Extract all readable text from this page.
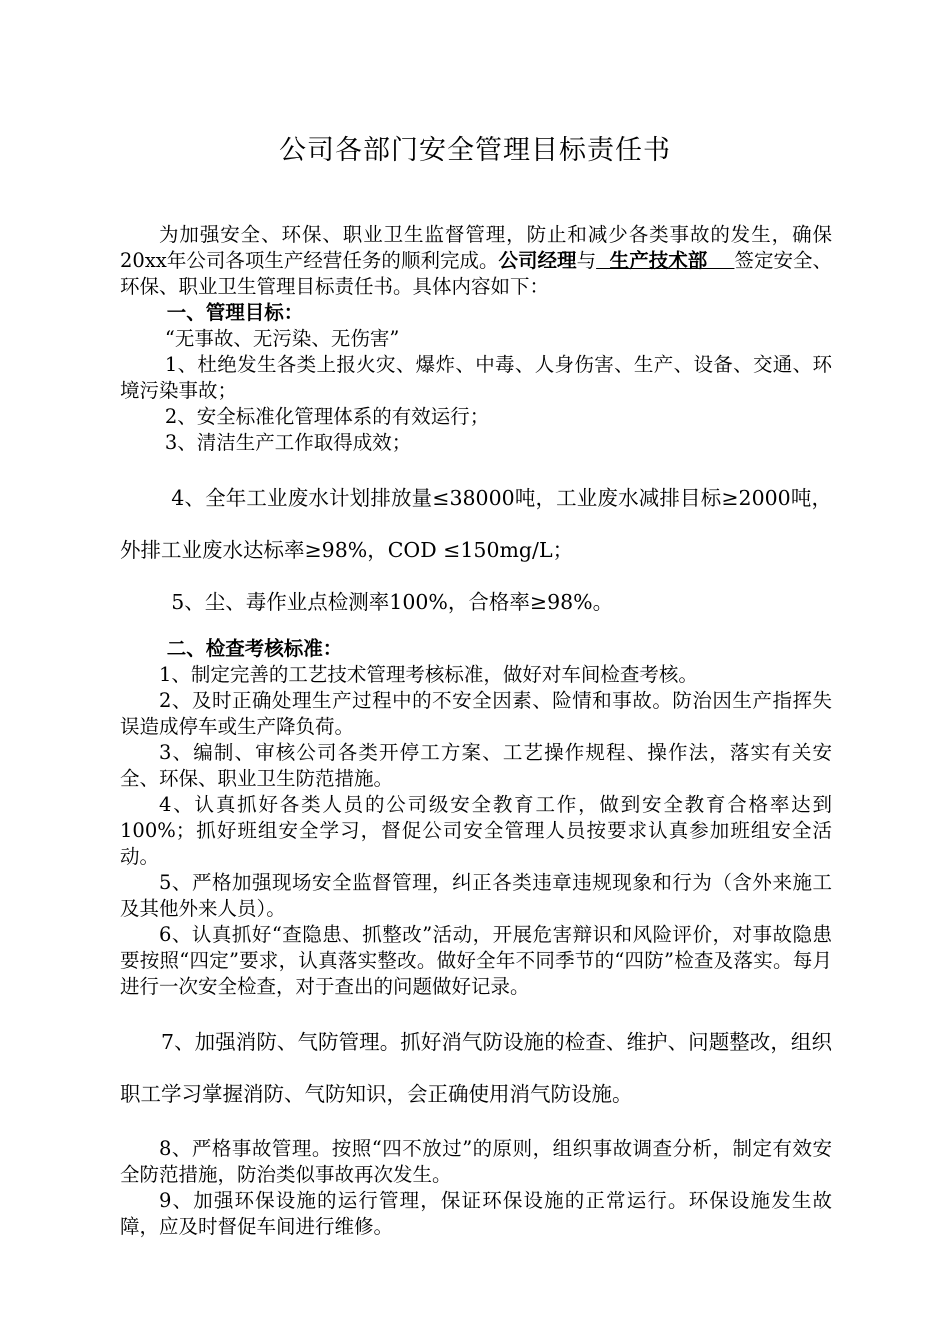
公司各部门安全管理目标责任书

为加强安全、环保、职业卫生监督管理，防止和减少各类事故的发生，确保20xx年公司各项生产经营任务的顺利完成。公司经理与  生产技术部    签定安全、环保、职业卫生管理目标责任书。具体内容如下：

一、管理目标：

“无事故、无污染、无伤害”

1、杜绝发生各类上报火灾、爆炸、中毒、人身伤害、生产、设备、交通、环境污染事故；

2、安全标准化管理体系的有效运行；

3、清洁生产工作取得成效；

4、全年工业废水计划排放量≤38000吨，工业废水减排目标≥2000吨，外排工业废水达标率≥98%，COD ≤150mg/L；

5、尘、毒作业点检测率100%，合格率≥98%。

二、检查考核标准：

1、制定完善的工艺技术管理考核标准，做好对车间检查考核。

2、及时正确处理生产过程中的不安全因素、险情和事故。防治因生产指挥失误造成停车或生产降负荷。

3、编制、审核公司各类开停工方案、工艺操作规程、操作法，落实有关安全、环保、职业卫生防范措施。

4、认真抓好各类人员的公司级安全教育工作，做到安全教育合格率达到100%；抓好班组安全学习，督促公司安全管理人员按要求认真参加班组安全活动。

5、严格加强现场安全监督管理，纠正各类违章违规现象和行为（含外来施工及其他外来人员）。

6、认真抓好“查隐患、抓整改”活动，开展危害辩识和风险评价，对事故隐患要按照“四定”要求，认真落实整改。做好全年不同季节的“四防”检查及落实。每月进行一次安全检查，对于查出的问题做好记录。

7、加强消防、气防管理。抓好消气防设施的检查、维护、问题整改，组织职工学习掌握消防、气防知识，会正确使用消气防设施。

8、严格事故管理。按照“四不放过”的原则，组织事故调查分析，制定有效安全防范措施，防治类似事故再次发生。

9、加强环保设施的运行管理，保证环保设施的正常运行。环保设施发生故障，应及时督促车间进行维修。
